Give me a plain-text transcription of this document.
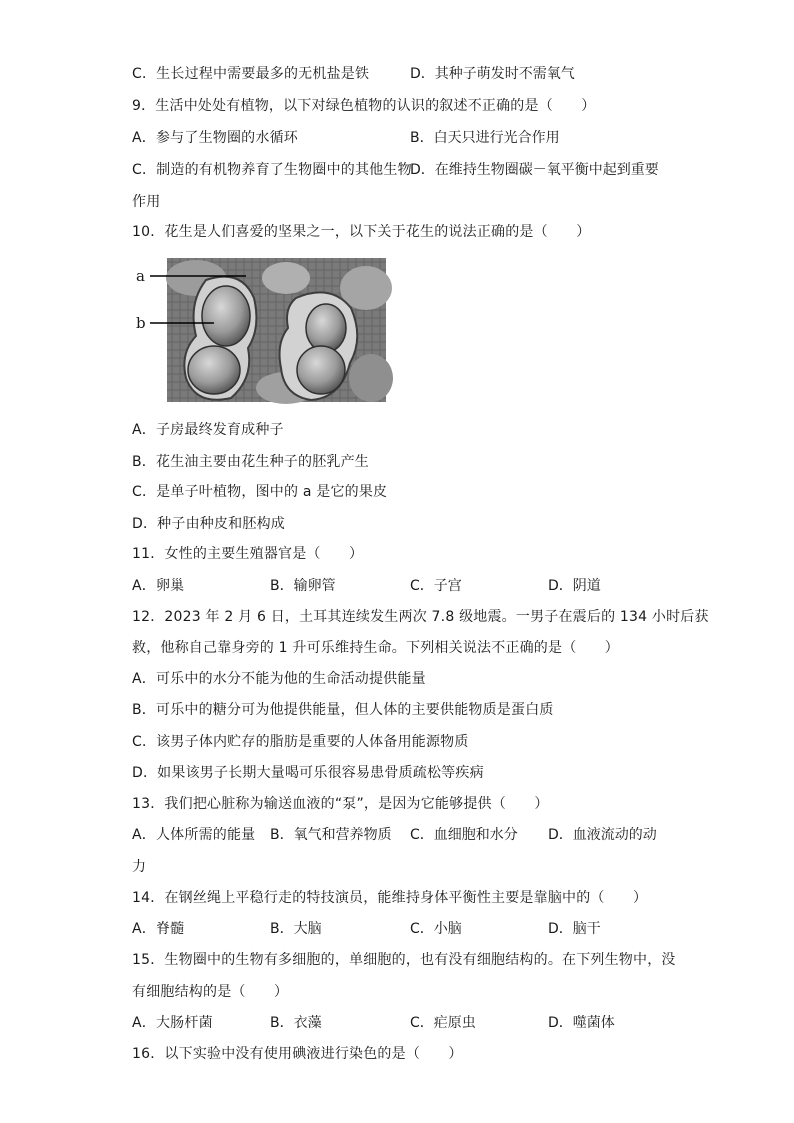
C．生长过程中需要最多的无机盐是铁	D．其种子萌发时不需氧气
9．生活中处处有植物，以下对绿色植物的认识的叙述不正确的是（　　）
A．参与了生物圈的水循环	B．白天只进行光合作用
C．制造的有机物养育了生物圈中的其他生物
D．在维持生物圈碳－氧平衡中起到重要
作用
10．花生是人们喜爱的坚果之一，以下关于花生的说法正确的是（　　）
a
b
A．子房最终发育成种子
B．花生油主要由花生种子的胚乳产生
C．是单子叶植物，图中的 a 是它的果皮
D．种子由种皮和胚构成
11．女性的主要生殖器官是（　　）
A．卵巢	B．输卵管	C．子宫	D．阴道
12．2023 年 2 月 6 日，土耳其连续发生两次 7.8 级地震。一男子在震后的 134 小时后获
救，他称自己靠身旁的 1 升可乐维持生命。下列相关说法不正确的是（　　）
A．可乐中的水分不能为他的生命活动提供能量
B．可乐中的糖分可为他提供能量，但人体的主要供能物质是蛋白质
C．该男子体内贮存的脂肪是重要的人体备用能源物质
D．如果该男子长期大量喝可乐很容易患骨质疏松等疾病
13．我们把心脏称为输送血液的“泵”，是因为它能够提供（　　）
A．人体所需的能量 B．氧气和营养物质 C．血细胞和水分 D．血液流动的动
力
14．在钢丝绳上平稳行走的特技演员，能维持身体平衡性主要是靠脑中的（　　）
A．脊髓	B．大脑	C．小脑	D．脑干
15．生物圈中的生物有多细胞的，单细胞的，也有没有细胞结构的。在下列生物中，没
有细胞结构的是（　　）
A．大肠杆菌	B．衣藻	C．疟原虫	D．噬菌体
16．以下实验中没有使用碘液进行染色的是（　　）
